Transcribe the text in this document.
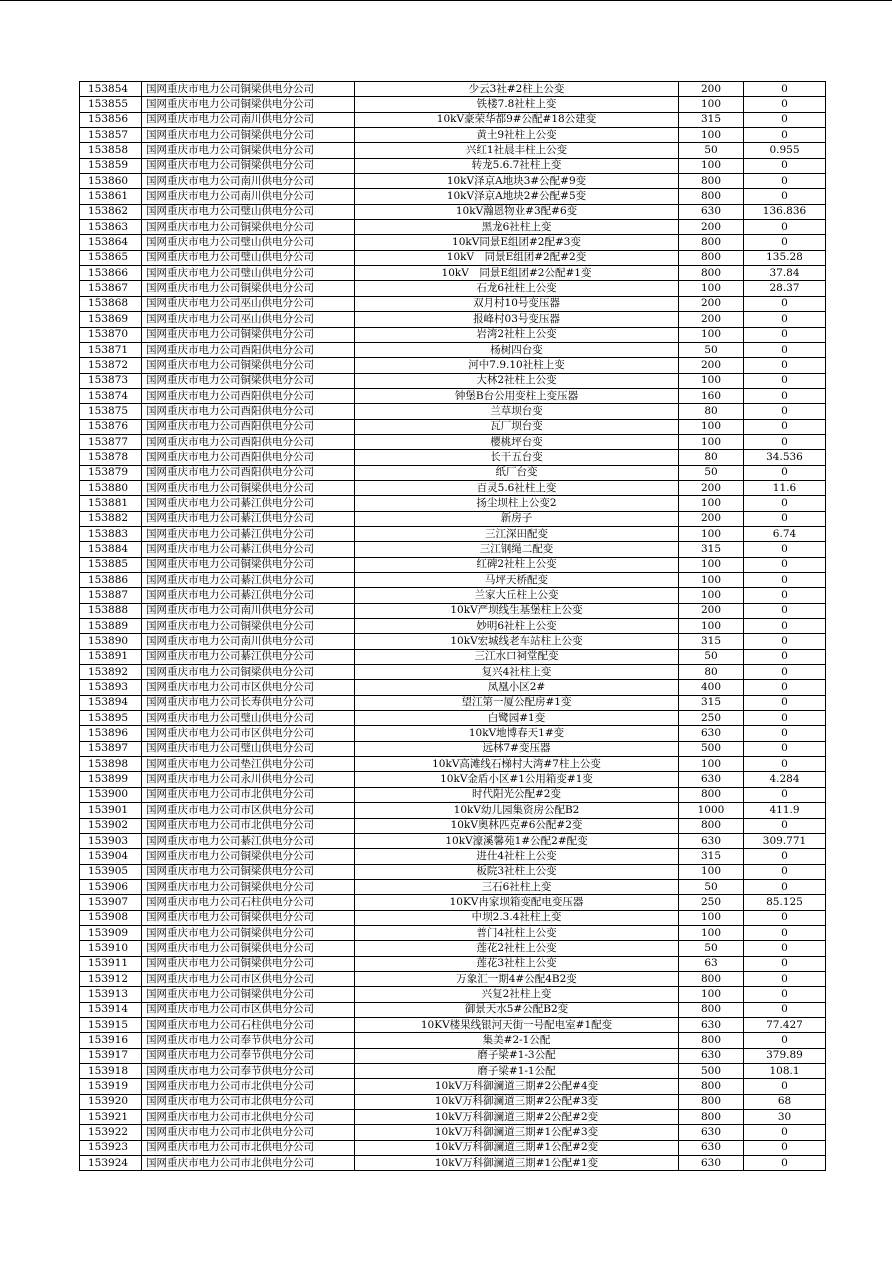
153854	国网重庆市电力公司铜梁供电分公司	少云3社#2柱上公变	200	0
153855	国网重庆市电力公司铜梁供电分公司	铁楼7.8社柱上变	100	0
153856	国网重庆市电力公司南川供电分公司	10kV豪荣华都9#公配#18公建变	315	0
153857	国网重庆市电力公司铜梁供电分公司	黄土9社柱上公变	100	0
153858	国网重庆市电力公司铜梁供电分公司	兴红1社晨丰柱上公变	50	0.955
153859	国网重庆市电力公司铜梁供电分公司	转龙5.6.7社柱上变	100	0
153860	国网重庆市电力公司南川供电分公司	10kV泽京A地块3#公配#9变	800	0
153861	国网重庆市电力公司南川供电分公司	10kV泽京A地块2#公配#5变	800	0
153862	国网重庆市电力公司璧山供电分公司	10kV瀚恩物业#3配#6变	630	136.836
153863	国网重庆市电力公司铜梁供电分公司	黑龙6社柱上变	200	0
153864	国网重庆市电力公司璧山供电分公司	10kV同景E组团#2配#3变	800	0
153865	国网重庆市电力公司璧山供电分公司	10kV　同景E组团#2配#2变	800	135.28
153866	国网重庆市电力公司璧山供电分公司	10kV　同景E组团#2公配#1变	800	37.84
153867	国网重庆市电力公司铜梁供电分公司	石龙6社柱上公变	100	28.37
153868	国网重庆市电力公司巫山供电分公司	双月村10号变压器	200	0
153869	国网重庆市电力公司巫山供电分公司	报峰村03号变压器	200	0
153870	国网重庆市电力公司铜梁供电分公司	岩湾2社柱上公变	100	0
153871	国网重庆市电力公司酉阳供电分公司	杨树四台变	50	0
153872	国网重庆市电力公司铜梁供电分公司	河中7.9.10社柱上变	200	0
153873	国网重庆市电力公司铜梁供电分公司	大林2社柱上公变	100	0
153874	国网重庆市电力公司酉阳供电分公司	钟堡B台公用变柱上变压器	160	0
153875	国网重庆市电力公司酉阳供电分公司	兰草坝台变	80	0
153876	国网重庆市电力公司酉阳供电分公司	瓦厂坝台变	100	0
153877	国网重庆市电力公司酉阳供电分公司	樱桃坪台变	100	0
153878	国网重庆市电力公司酉阳供电分公司	长干五台变	80	34.536
153879	国网重庆市电力公司酉阳供电分公司	纸厂台变	50	0
153880	国网重庆市电力公司铜梁供电分公司	百灵5.6社柱上变	200	11.6
153881	国网重庆市电力公司綦江供电分公司	扬尘坝柱上公变2	100	0
153882	国网重庆市电力公司綦江供电分公司	新房子	200	0
153883	国网重庆市电力公司綦江供电分公司	三江深田配变	100	6.74
153884	国网重庆市电力公司綦江供电分公司	三江钢绳二配变	315	0
153885	国网重庆市电力公司铜梁供电分公司	红碑2社柱上公变	100	0
153886	国网重庆市电力公司綦江供电分公司	马坪天桥配变	100	0
153887	国网重庆市电力公司綦江供电分公司	兰家大丘柱上公变	100	0
153888	国网重庆市电力公司南川供电分公司	10kV严坝线生基堡柱上公变	200	0
153889	国网重庆市电力公司铜梁供电分公司	妙明6社柱上公变	100	0
153890	国网重庆市电力公司南川供电分公司	10kV宏城线老车站柱上公变	315	0
153891	国网重庆市电力公司綦江供电分公司	三江水口祠堂配变	50	0
153892	国网重庆市电力公司铜梁供电分公司	复兴4社柱上变	80	0
153893	国网重庆市电力公司市区供电分公司	凤凰小区2#	400	0
153894	国网重庆市电力公司长寿供电分公司	望江第一厦公配房#1变	315	0
153895	国网重庆市电力公司璧山供电分公司	白鹭园#1变	250	0
153896	国网重庆市电力公司市区供电分公司	10kV地博春天1#变	630	0
153897	国网重庆市电力公司璧山供电分公司	远林7#变压器	500	0
153898	国网重庆市电力公司垫江供电分公司	10kV高滩线石梯村大湾#7柱上公变	100	0
153899	国网重庆市电力公司永川供电分公司	10kV金盾小区#1公用箱变#1变	630	4.284
153900	国网重庆市电力公司市北供电分公司	时代阳光公配#2变	800	0
153901	国网重庆市电力公司市区供电分公司	10kV幼儿园集资房公配B2	1000	411.9
153902	国网重庆市电力公司市北供电分公司	10kV奥林匹克#6公配#2变	800	0
153903	国网重庆市电力公司綦江供电分公司	10kV濠溪馨苑1#公配2#配变	630	309.771
153904	国网重庆市电力公司铜梁供电分公司	进仕4社柱上公变	315	0
153905	国网重庆市电力公司铜梁供电分公司	板院3社柱上公变	100	0
153906	国网重庆市电力公司铜梁供电分公司	三石6社柱上变	50	0
153907	国网重庆市电力公司石柱供电分公司	10KV冉家坝箱变配电变压器	250	85.125
153908	国网重庆市电力公司铜梁供电分公司	中坝2.3.4社柱上变	100	0
153909	国网重庆市电力公司铜梁供电分公司	普门4社柱上公变	100	0
153910	国网重庆市电力公司铜梁供电分公司	莲花2社柱上公变	50	0
153911	国网重庆市电力公司铜梁供电分公司	莲花3社柱上公变	63	0
153912	国网重庆市电力公司市区供电分公司	万象汇一期4#公配4B2变	800	0
153913	国网重庆市电力公司铜梁供电分公司	兴复2社柱上变	100	0
153914	国网重庆市电力公司市区供电分公司	御景天水5#公配B2变	800	0
153915	国网重庆市电力公司石柱供电分公司	10KV楼果线银河天街一号配电室#1配变	630	77.427
153916	国网重庆市电力公司奉节供电分公司	集美#2-1公配	800	0
153917	国网重庆市电力公司奉节供电分公司	磨子梁#1-3公配	630	379.89
153918	国网重庆市电力公司奉节供电分公司	磨子梁#1-1公配	500	108.1
153919	国网重庆市电力公司市北供电分公司	10kV万科御澜道三期#2公配#4变	800	0
153920	国网重庆市电力公司市北供电分公司	10kV万科御澜道三期#2公配#3变	800	68
153921	国网重庆市电力公司市北供电分公司	10kV万科御澜道三期#2公配#2变	800	30
153922	国网重庆市电力公司市北供电分公司	10kV万科御澜道三期#1公配#3变	630	0
153923	国网重庆市电力公司市北供电分公司	10kV万科御澜道三期#1公配#2变	630	0
153924	国网重庆市电力公司市北供电分公司	10kV万科御澜道三期#1公配#1变	630	0
